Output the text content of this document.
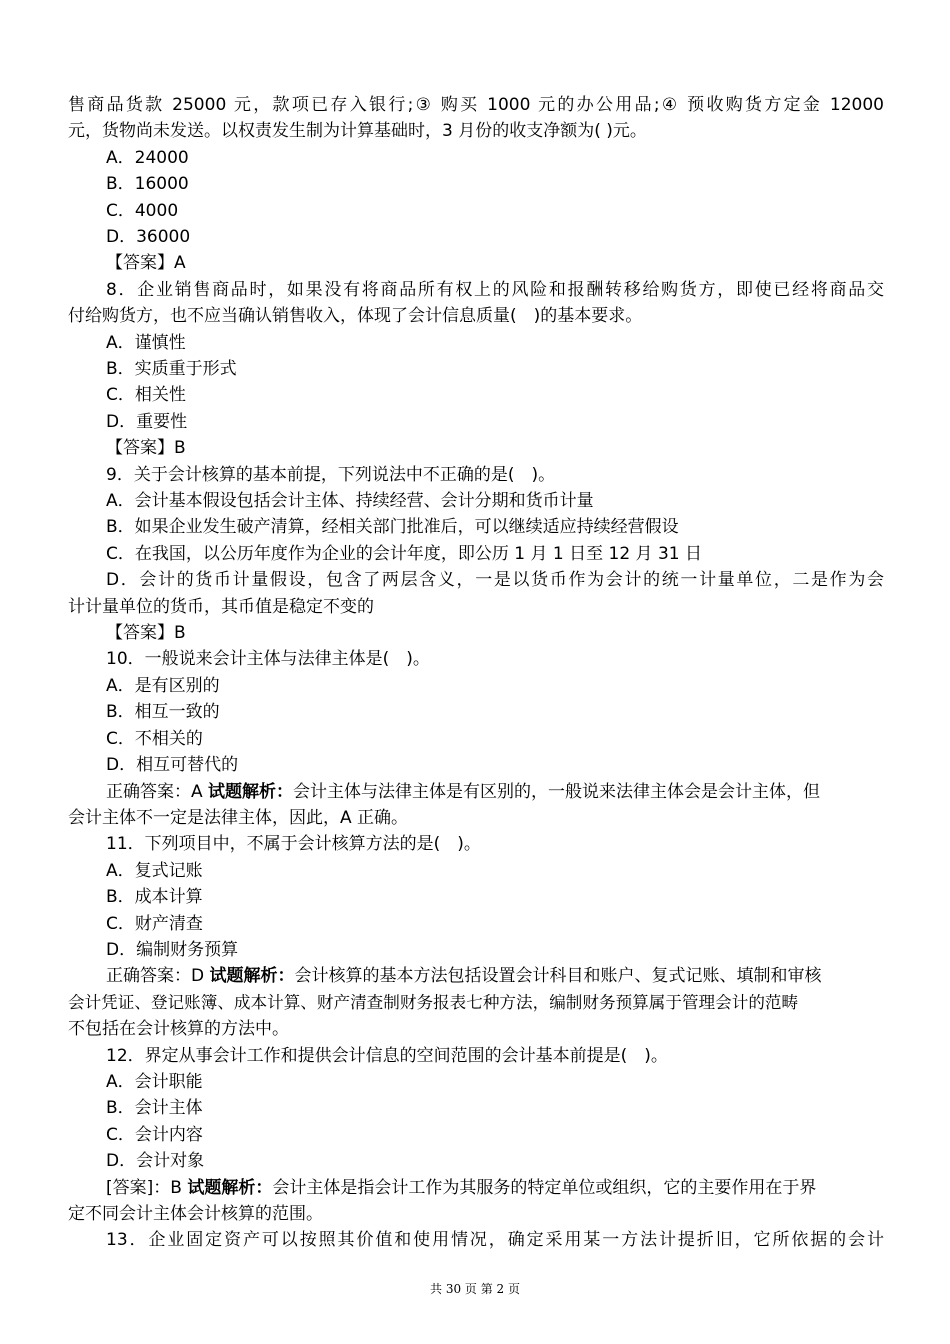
售商品货款 25000 元，款项已存入银行;③ 购买 1000 元的办公用品;④ 预收购货方定金 12000
元，货物尚未发送。以权责发生制为计算基础时，3 月份的收支净额为( )元。
A．24000
B．16000
C．4000
D．36000
【答案】A
8．企业销售商品时，如果没有将商品所有权上的风险和报酬转移给购货方，即使已经将商品交
付给购货方，也不应当确认销售收入，体现了会计信息质量(　)的基本要求。
A．谨慎性
B．实质重于形式
C．相关性
D．重要性
【答案】B
9．关于会计核算的基本前提，下列说法中不正确的是(　)。
A．会计基本假设包括会计主体、持续经营、会计分期和货币计量
B．如果企业发生破产清算，经相关部门批准后，可以继续适应持续经营假设
C．在我国，以公历年度作为企业的会计年度，即公历 1 月 1 日至 12 月 31 日
D．会计的货币计量假设，包含了两层含义，一是以货币作为会计的统一计量单位，二是作为会
计计量单位的货币，其币值是稳定不变的
【答案】B
10．一般说来会计主体与法律主体是(　)。
A．是有区别的
B．相互一致的
C．不相关的
D．相互可替代的
正确答案：A 试题解析：会计主体与法律主体是有区别的，一般说来法律主体会是会计主体，但
会计主体不一定是法律主体，因此，A 正确。
11．下列项目中，不属于会计核算方法的是(　)。
A．复式记账
B．成本计算
C．财产清查
D．编制财务预算
正确答案：D 试题解析：会计核算的基本方法包括设置会计科目和账户、复式记账、填制和审核
会计凭证、登记账簿、成本计算、财产清查制财务报表七种方法，编制财务预算属于管理会计的范畴
不包括在会计核算的方法中。
12．界定从事会计工作和提供会计信息的空间范围的会计基本前提是(　)。
A．会计职能
B．会计主体
C．会计内容
D．会计对象
[答案]：B 试题解析：会计主体是指会计工作为其服务的特定单位或组织，它的主要作用在于界
定不同会计主体会计核算的范围。
13．企业固定资产可以按照其价值和使用情况，确定采用某一方法计提折旧，它所依据的会计
共 30 页 第 2 页
